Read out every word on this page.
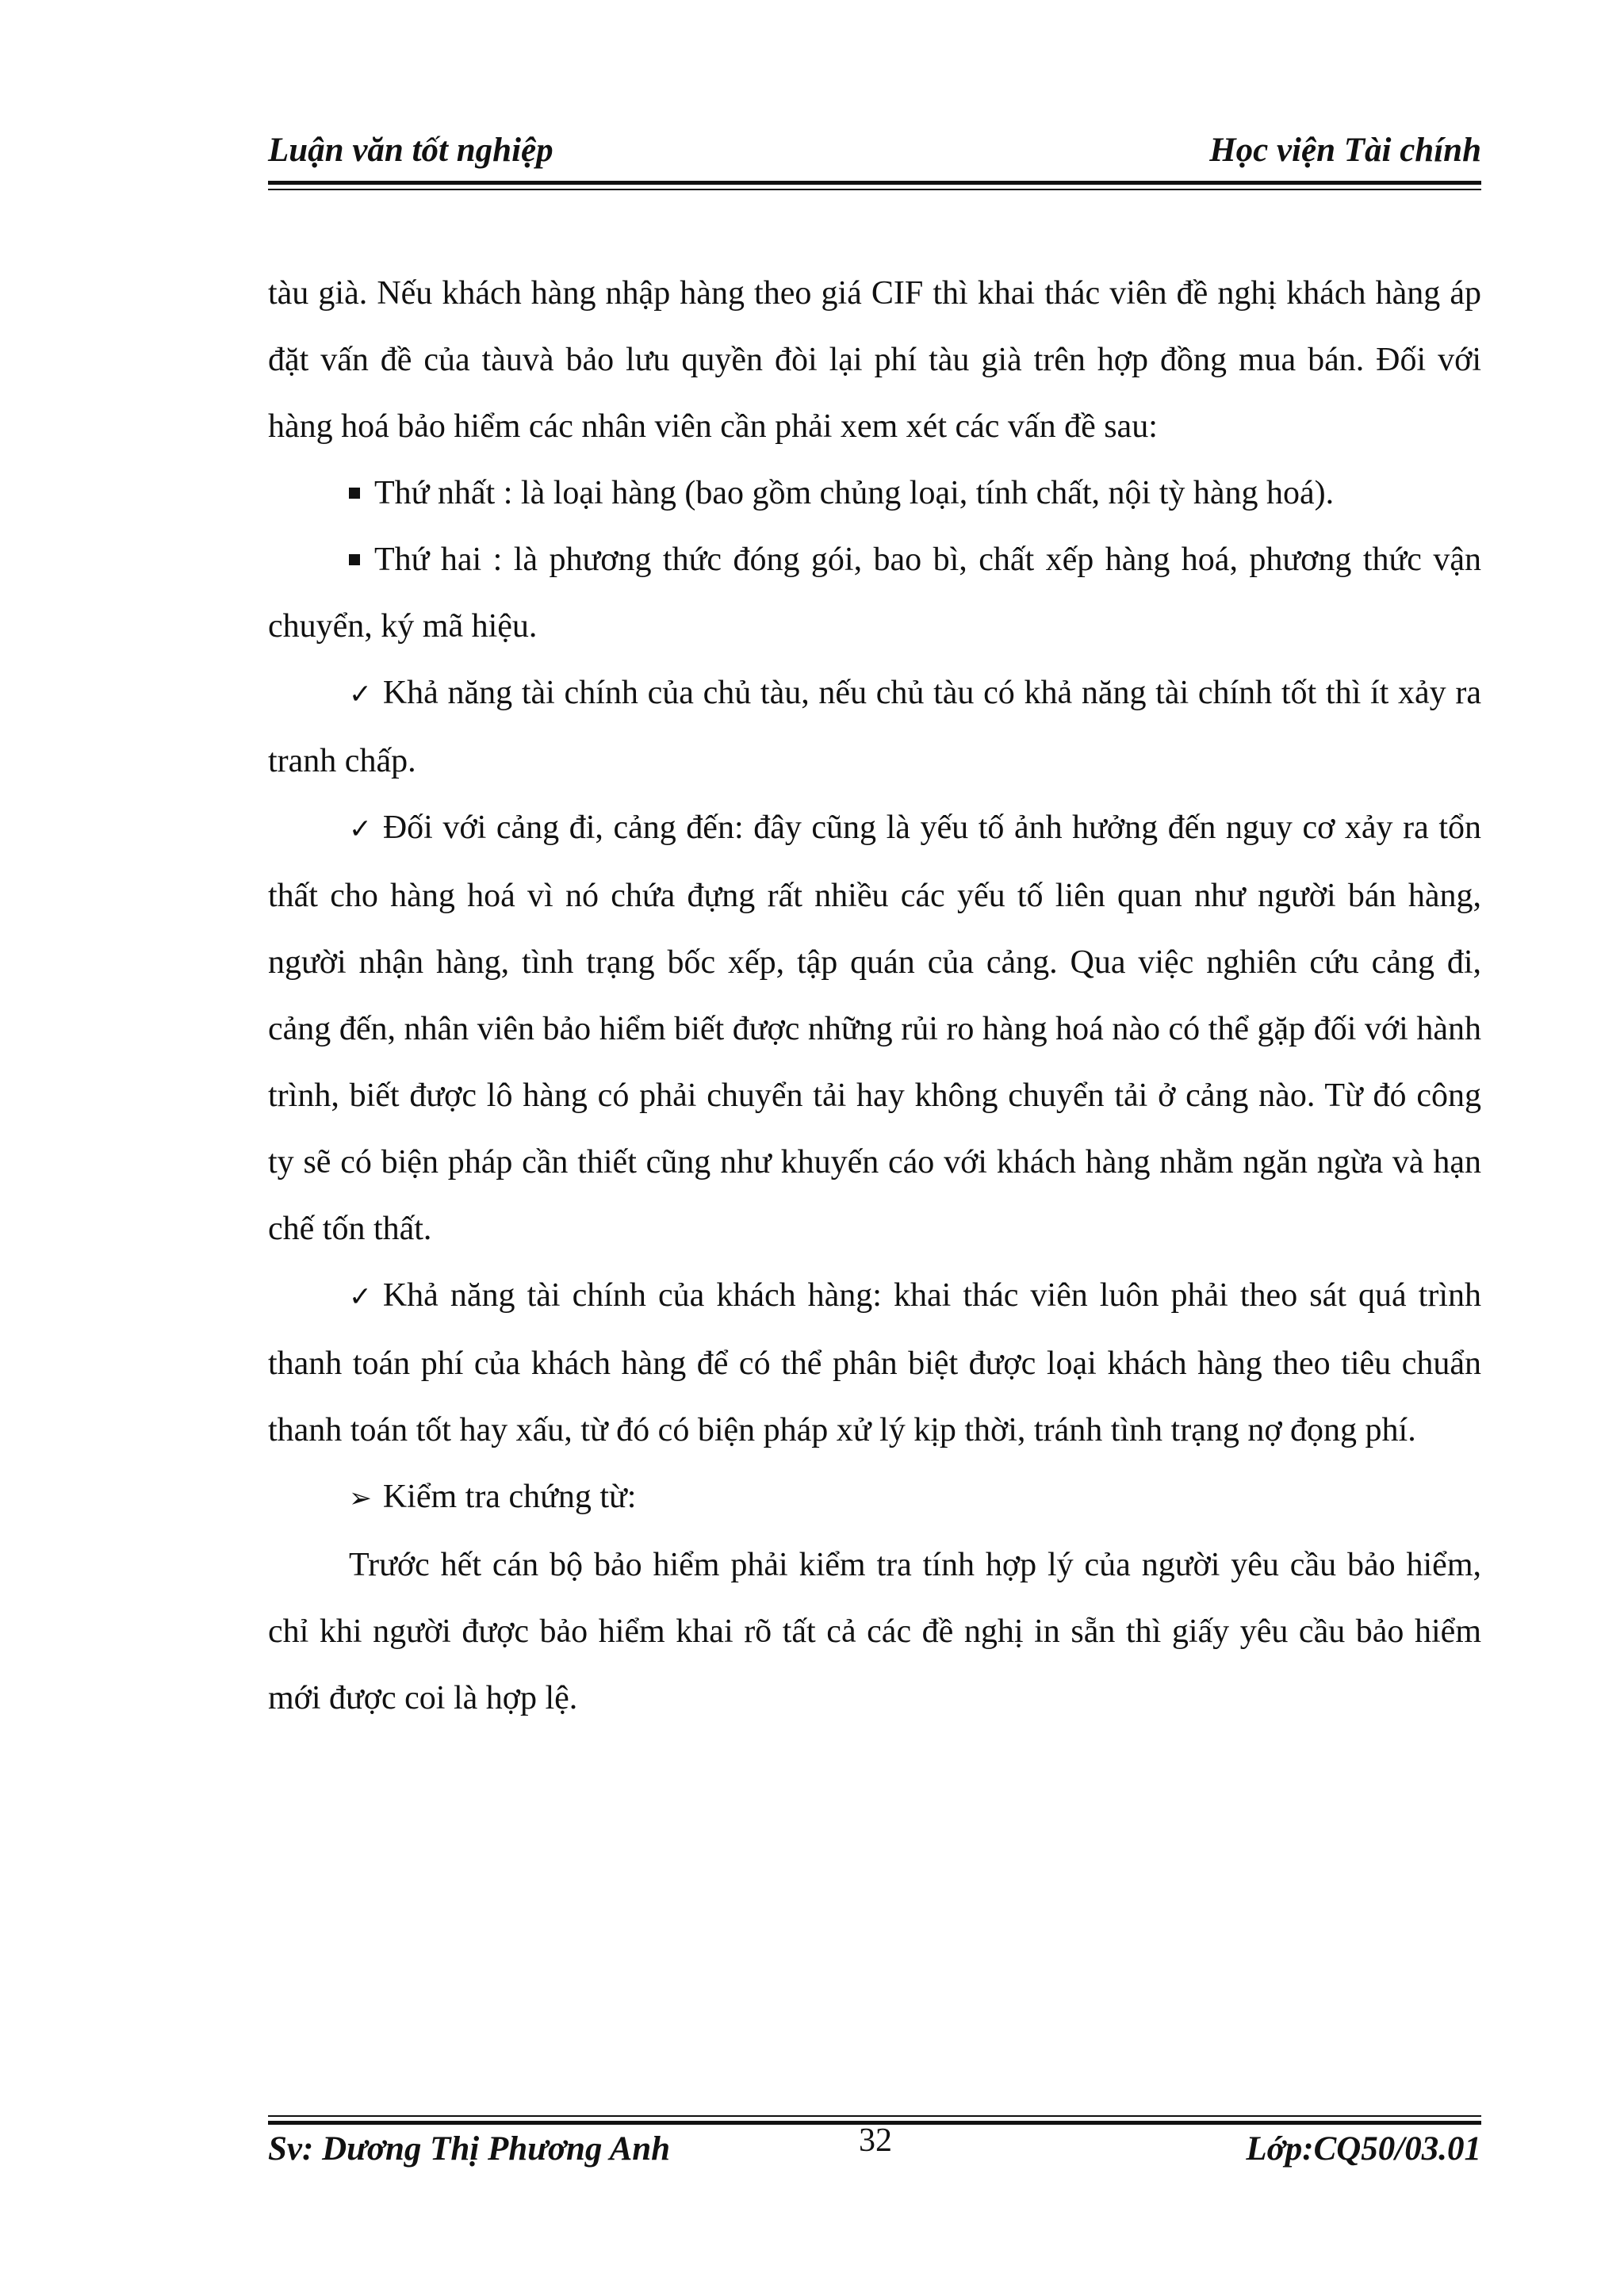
Luận văn tốt nghiệp	Học viện Tài chính

tàu già. Nếu khách hàng nhập hàng theo giá CIF thì khai thác viên đề nghị khách hàng áp đặt vấn đề của tàuvà bảo lưu quyền đòi lại phí tàu già trên hợp đồng mua bán. Đối với hàng hoá bảo hiểm các nhân viên cần phải xem xét các vấn đề sau:

Thứ nhất : là loại hàng (bao gồm chủng loại, tính chất, nội tỳ hàng hoá).

Thứ hai : là phương thức đóng gói, bao bì, chất xếp hàng hoá, phương thức vận chuyển, ký mã hiệu.

✓ Khả năng tài chính của chủ tàu, nếu chủ tàu có khả năng tài chính tốt thì ít xảy ra tranh chấp.

✓ Đối với cảng đi, cảng đến: đây cũng là yếu tố ảnh hưởng đến nguy cơ xảy ra tổn thất cho hàng hoá vì nó chứa đựng rất nhiều các yếu tố liên quan như người bán hàng, người nhận hàng, tình trạng bốc xếp, tập quán của cảng. Qua việc nghiên cứu cảng đi, cảng đến, nhân viên bảo hiểm biết được những rủi ro hàng hoá nào có thể gặp đối với hành trình, biết được lô hàng có phải chuyển tải hay không chuyển tải ở cảng nào. Từ đó công ty sẽ có biện pháp cần thiết cũng như khuyến cáo với khách hàng nhằm ngăn ngừa và hạn chế tốn thất.

✓ Khả năng tài chính của khách hàng: khai thác viên luôn phải theo sát quá trình thanh toán phí của khách hàng để có thể phân biệt được loại khách hàng theo tiêu chuẩn thanh toán tốt hay xấu, từ đó có biện pháp xử lý kịp thời, tránh tình trạng nợ đọng phí.

➢ Kiểm tra chứng từ:

Trước hết cán bộ bảo hiểm phải kiểm tra tính hợp lý của người yêu cầu bảo hiểm, chỉ khi người được bảo hiểm khai rõ tất cả các đề nghị in sẵn thì giấy yêu cầu bảo hiểm mới được coi là hợp lệ.

Sv: Dương Thị Phương Anh	32	Lớp:CQ50/03.01
